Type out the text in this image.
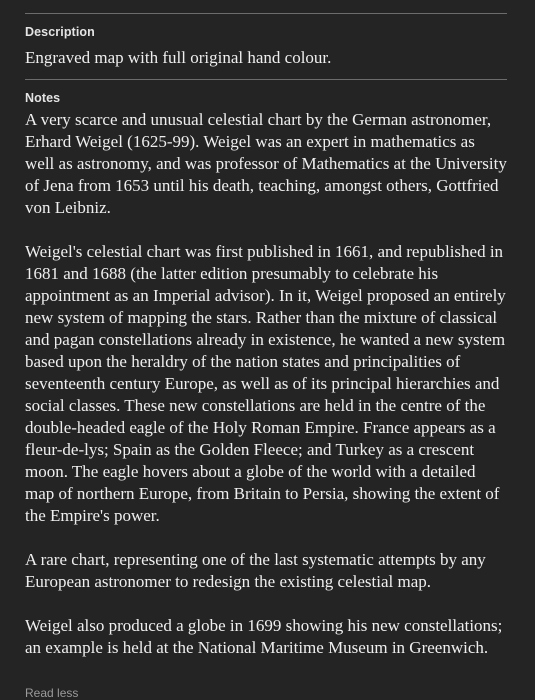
Description
Engraved map with full original hand colour.
Notes

A very scarce and unusual celestial chart by the German astronomer, Erhard Weigel (1625-99). Weigel was an expert in mathematics as well as astronomy, and was professor of Mathematics at the University of Jena from 1653 until his death, teaching, amongst others, Gottfried von Leibniz.

Weigel's celestial chart was first published in 1661, and republished in 1681 and 1688 (the latter edition presumably to celebrate his appointment as an Imperial advisor). In it, Weigel proposed an entirely new system of mapping the stars. Rather than the mixture of classical and pagan constellations already in existence, he wanted a new system based upon the heraldry of the nation states and principalities of seventeenth century Europe, as well as of its principal hierarchies and social classes. These new constellations are held in the centre of the double-headed eagle of the Holy Roman Empire. France appears as a fleur-de-lys; Spain as the Golden Fleece; and Turkey as a crescent moon. The eagle hovers about a globe of the world with a detailed map of northern Europe, from Britain to Persia, showing the extent of the Empire's power.

A rare chart, representing one of the last systematic attempts by any European astronomer to redesign the existing celestial map.

Weigel also produced a globe in 1699 showing his new constellations; an example is held at the National Maritime Museum in Greenwich.

Read less
